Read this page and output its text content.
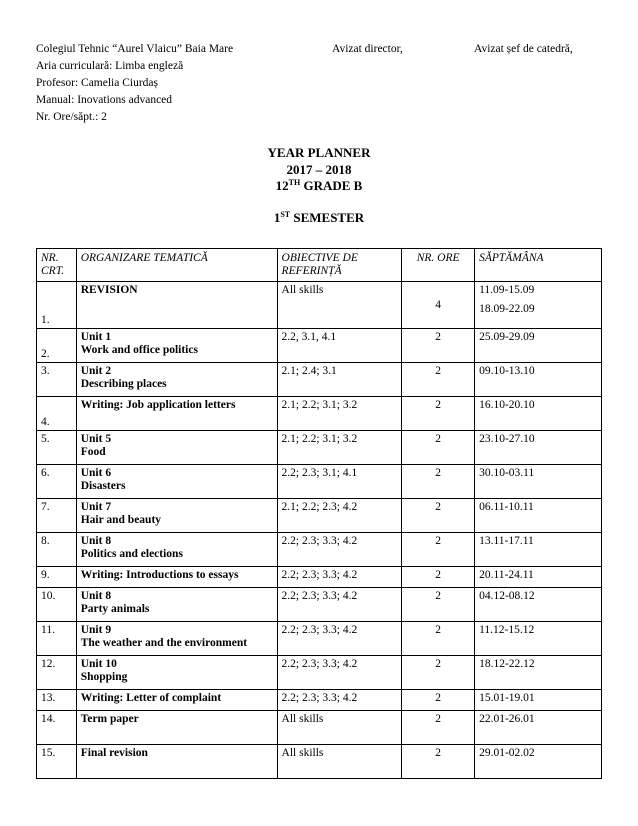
Colegiul Tehnic “Aurel Vlaicu” Baia Mare	Avizat director,	Avizat șef de catedră,
Aria curriculară: Limba engleză
Profesor: Camelia Ciurdaș
Manual: Inovations advanced
Nr. Ore/săpt.: 2
YEAR PLANNER
2017 – 2018
12TH GRADE B
1ST SEMESTER
NR. CRT.	ORGANIZARE TEMATICĂ	OBIECTIVE DE REFERINȚĂ	NR. ORE	SĂPTĂMÂNA
1.	REVISION	All skills	4	11.09-15.09
18.09-22.09

2.	Unit 1
Work and office politics	2.2, 3.1, 4.1	2	25.09-29.09
3.	Unit 2
Describing places	2.1; 2.4; 3.1	2	09.10-13.10
4.	Writing: Job application letters	2.1; 2.2; 3.1; 3.2	2	16.10-20.10
5.	Unit 5
Food	2.1; 2.2; 3.1; 3.2	2	23.10-27.10
6.	Unit 6
Disasters	2.2; 2.3; 3.1; 4.1	2	30.10-03.11
7.	Unit 7
Hair and beauty	2.1; 2.2; 2.3; 4.2	2	06.11-10.11
8.	Unit 8
Politics and elections	2.2; 2.3; 3.3; 4.2	2	13.11-17.11
9.	Writing: Introductions to essays	2.2; 2.3; 3.3; 4.2	2	20.11-24.11
10.	Unit 8
Party animals	2.2; 2.3; 3.3; 4.2	2	04.12-08.12
11.	Unit 9
The weather and the environment	2.2; 2.3; 3.3; 4.2	2	11.12-15.12
12.	Unit 10
Shopping	2.2; 2.3; 3.3; 4.2	2	18.12-22.12
13.	Writing: Letter of complaint	2.2; 2.3; 3.3; 4.2	2	15.01-19.01
14.	Term paper	All skills	2	22.01-26.01
15.	Final revision	All skills	2	29.01-02.02
